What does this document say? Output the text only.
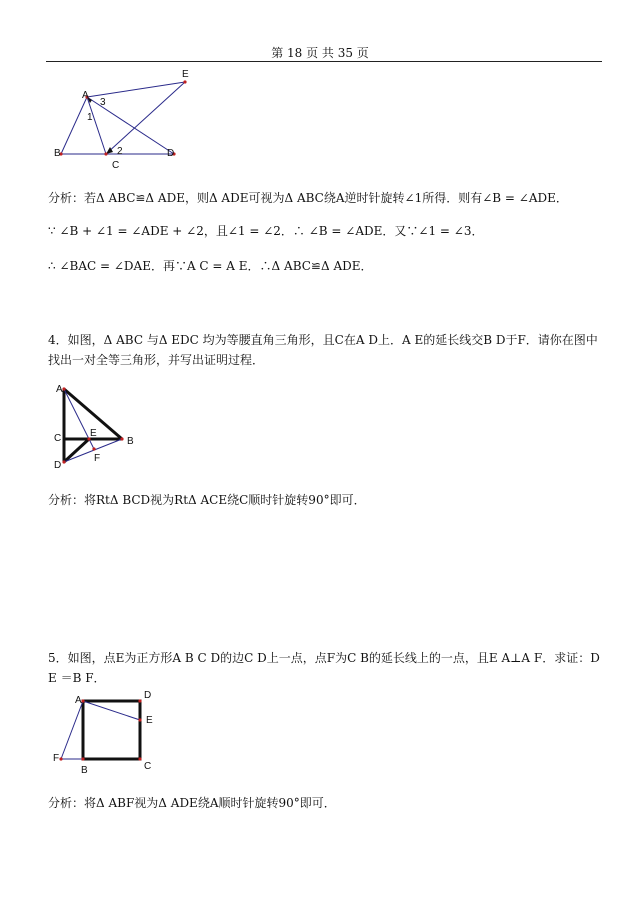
第 18 页 共 35 页
A
B
C
D
E
1
2
3
分析：若Δ ABC≌Δ ADE，则Δ ADE可视为Δ ABC绕A逆时针旋转∠1所得．则有∠B = ∠ADE．
∵ ∠B + ∠1 = ∠ADE + ∠2，且∠1 = ∠2．∴ ∠B = ∠ADE．又∵∠1 = ∠3．
∴ ∠BAC = ∠DAE．再∵A C = A E．∴Δ ABC≌Δ ADE．
4．如图，Δ ABC 与Δ EDC 均为等腰直角三角形，且C在A D上．A E的延长线交B D于F．请你在图中找出一对全等三角形，并写出证明过程．
A
B
C
D
E
F
分析：将RtΔ BCD视为RtΔ ACE绕C顺时针旋转90°即可．
5．如图，点E为正方形A B C D的边C D上一点，点F为C B的延长线上的一点，且E A⊥A F．求证：D E ＝B F．
A
B	C
D
E
F
分析：将Δ ABF视为Δ ADE绕A顺时针旋转90°即可．
